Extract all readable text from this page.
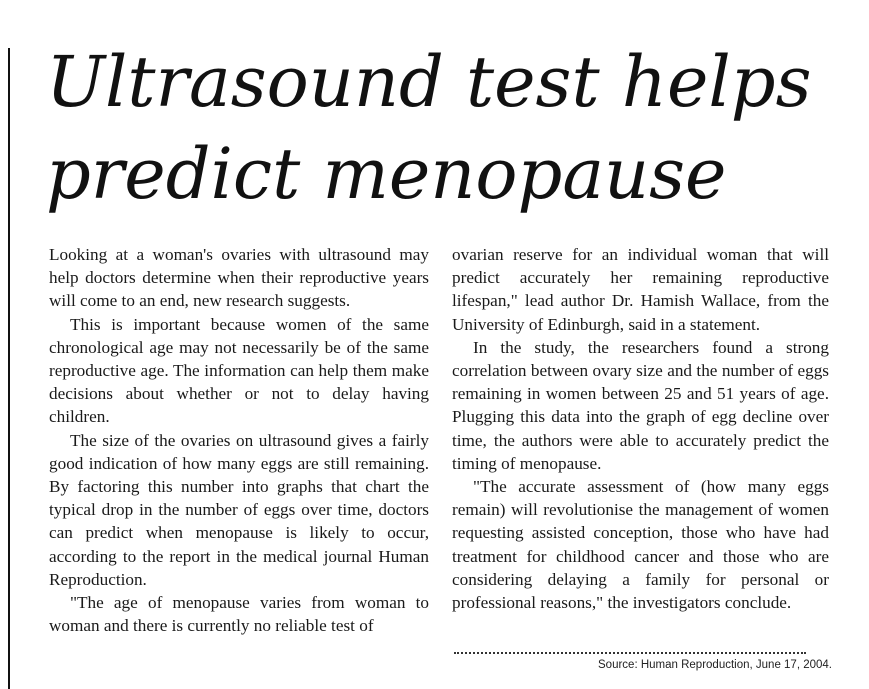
Ultrasound test helps
predict menopause

Looking at a woman's ovaries with ultrasound may help doctors determine when their reproductive years will come to an end, new research suggests.

This is important because women of the same chronological age may not necessarily be of the same reproductive age. The information can help them make decisions about whether or not to delay having children.

The size of the ovaries on ultrasound gives a fairly good indication of how many eggs are still remaining. By factoring this number into graphs that chart the typical drop in the number of eggs over time, doctors can predict when menopause is likely to occur, according to the report in the medical journal Human Reproduction.

"The age of menopause varies from woman to woman and there is currently no reliable test of

ovarian reserve for an individual woman that will predict accurately her remaining reproductive lifespan," lead author Dr. Hamish Wallace, from the University of Edinburgh, said in a statement.

In the study, the researchers found a strong correlation between ovary size and the number of eggs remaining in women between 25 and 51 years of age. Plugging this data into the graph of egg decline over time, the authors were able to accurately predict the timing of menopause.

"The accurate assessment of (how many eggs remain) will revolutionise the management of women requesting assisted conception, those who have had treatment for childhood cancer and those who are considering delaying a family for personal or professional reasons," the investigators conclude.

Source: Human Reproduction, June 17, 2004.
